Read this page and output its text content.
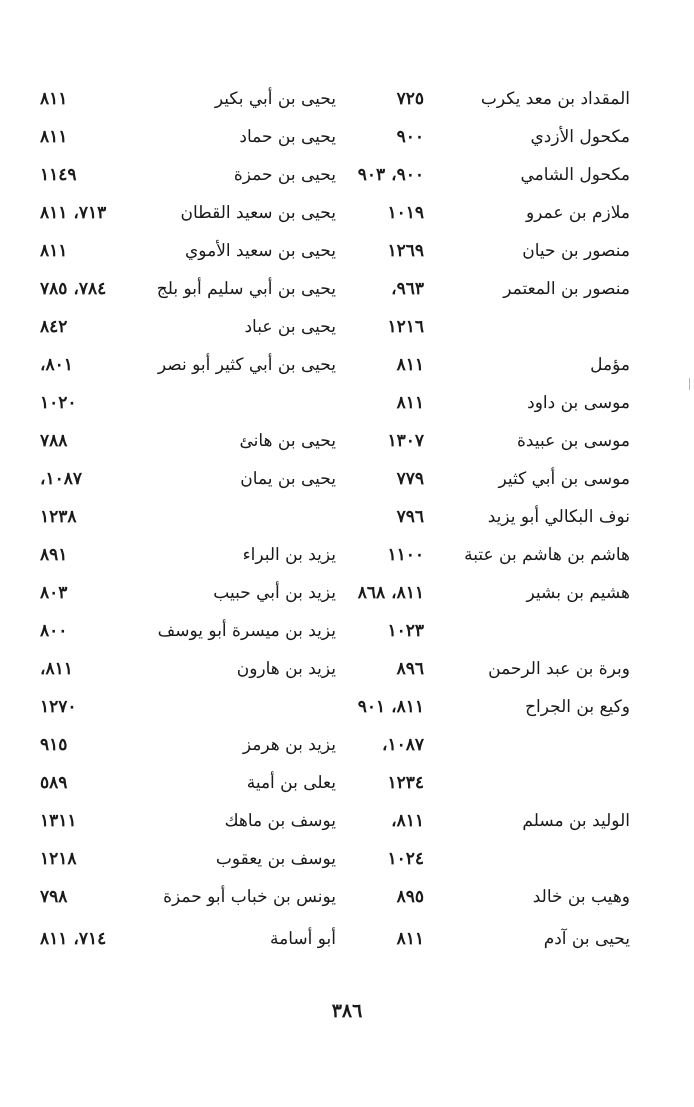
المقداد بن معد يكرب
٧٢٥
يحيى بن أبي بكير
٨١١
مكحول الأزدي
٩٠٠
يحيى بن حماد
٨١١
مكحول الشامي
٩٠٠، ٩٠٣
يحيى بن حمزة
١١٤٩
ملازم بن عمرو
١٠١٩
يحيى بن سعيد القطان
٧١٣، ٨١١
منصور بن حيان
١٢٦٩
يحيى بن سعيد الأموي
٨١١
منصور بن المعتمر
٩٦٣،
يحيى بن أبي سليم أبو بلج
٧٨٤، ٧٨٥
١٢١٦
يحيى بن عباد
٨٤٢
مؤمل
٨١١
يحيى بن أبي كثير أبو نصر
٨٠١،
موسى بن داود
٨١١
١٠٢٠
موسى بن عبيدة
١٣٠٧
يحيى بن هانئ
٧٨٨
موسى بن أبي كثير
٧٧٩
يحيى بن يمان
١٠٨٧،
نوف البكالي أبو يزيد
٧٩٦
١٢٣٨
هاشم بن هاشم بن عتبة
١١٠٠
يزيد بن البراء
٨٩١
هشيم بن بشير
٨١١، ٨٦٨
يزيد بن أبي حبيب
٨٠٣
١٠٢٣
يزيد بن ميسرة أبو يوسف
٨٠٠
وبرة بن عبد الرحمن
٨٩٦
يزيد بن هارون
٨١١،
وكيع بن الجراح
٨١١، ٩٠١
١٢٧٠
١٠٨٧،
يزيد بن هرمز
٩١٥
١٢٣٤
يعلى بن أمية
٥٨٩
الوليد بن مسلم
٨١١،
يوسف بن ماهك
١٣١١
١٠٢٤
يوسف بن يعقوب
١٢١٨
وهيب بن خالد
٨٩٥
يونس بن خباب أبو حمزة
٧٩٨
يحيى بن آدم
٨١١
أبو أسامة
٧١٤، ٨١١
٣٨٦
